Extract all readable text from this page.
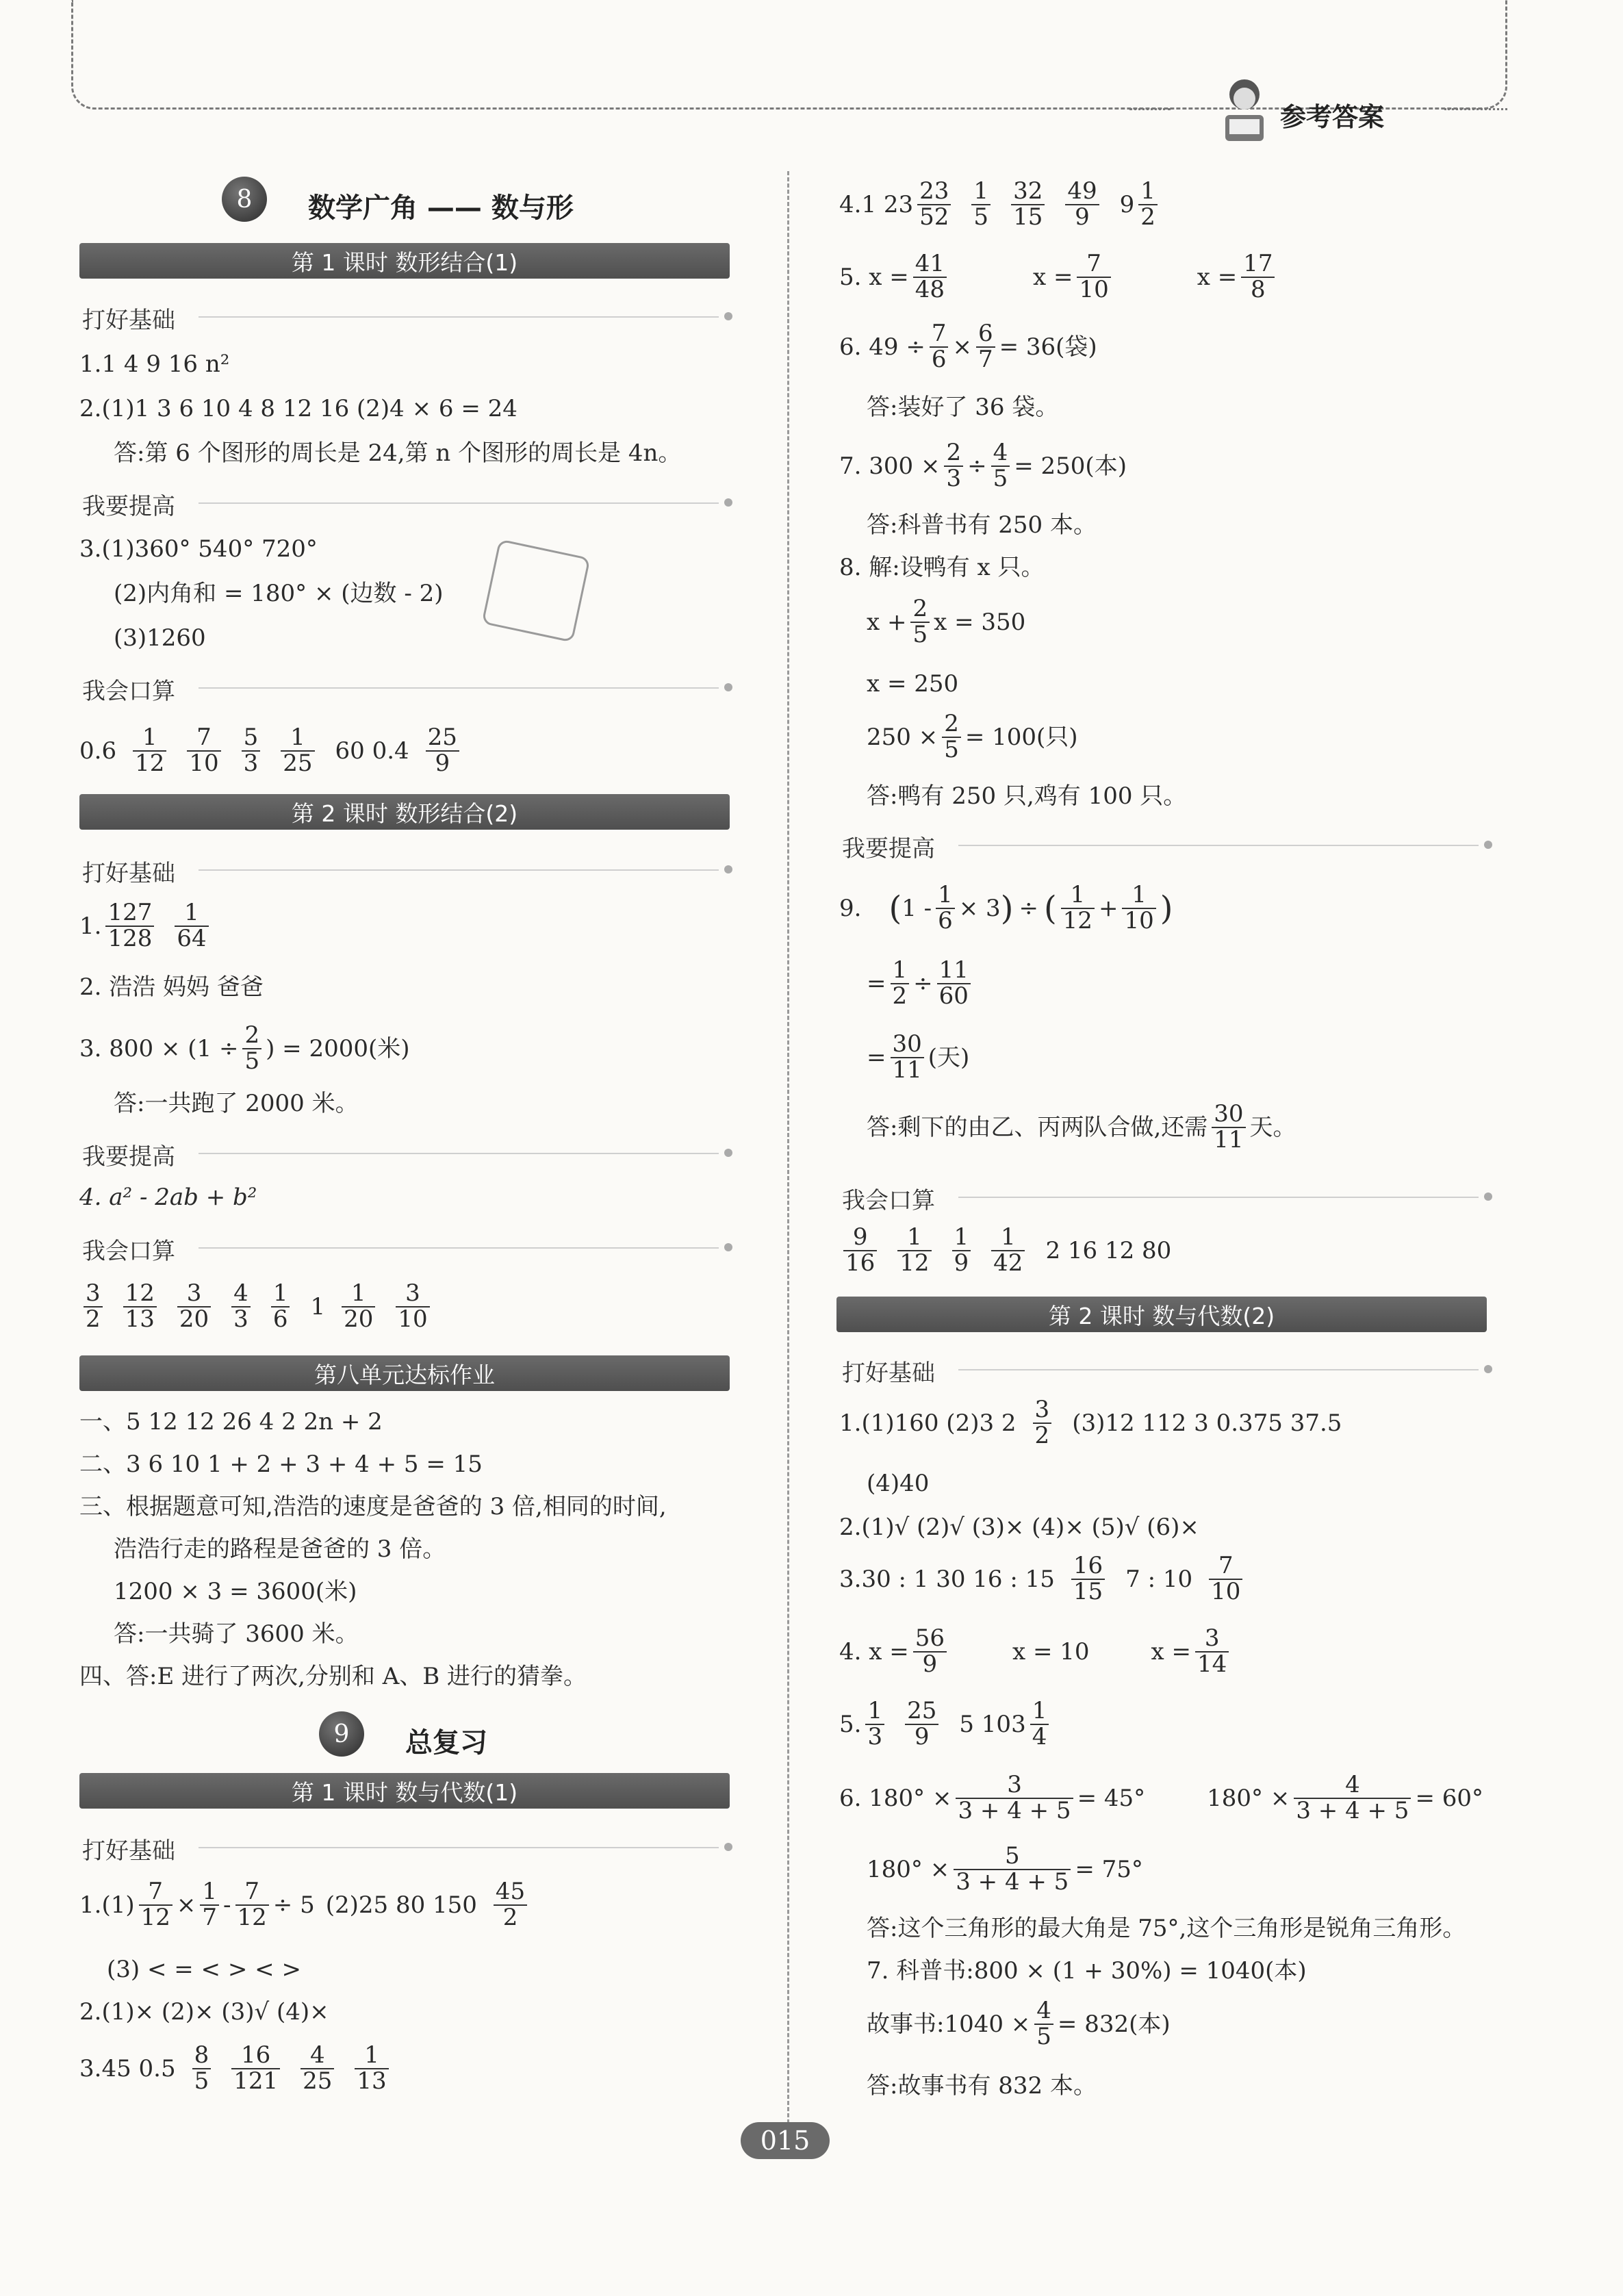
参考答案
8	数学广角 —— 数与形
第 1 课时 数形结合(1)
打好基础
1.1 4 9 16 n²
2.(1)1 3 6 10 4 8 12 16 (2)4 × 6 = 24
答:第 6 个图形的周长是 24,第 n 个图形的周长是 4n。
我要提高
3.(1)360° 540° 720°
(2)内角和 = 180° × (边数 - 2)
(3)1260
我会口算
$0.6 \frac{1}{12} \frac{7}{10} \frac{5}{3} \frac{1}{25} 60$ $0.4 \frac{25}{9}$
第 2 课时 数形结合(2)
打好基础
1. $\frac{127}{128} \frac{1}{64}$
2. 浩浩 妈妈 爸爸
3. $800 \times (1 \div \frac{2}{5}$ ) = 2000(米)
答:一共跑了 2000 米。
我要提高
4. a² - 2ab + b²
我会口算
$\frac{3}{2} \frac{12}{13} \frac{3}{20} \frac{4}{3} \frac{1}{6} 1 \frac{1}{20} \frac{3}{10}$
第八单元达标作业
一、5 12 12 26 4 2 2n + 2
二、3 6 10 1 + 2 + 3 + 4 + 5 = 15
三、根据题意可知,浩浩的速度是爸爸的 3 倍,相同的时间,
浩浩行走的路程是爸爸的 3 倍。
1200 × 3 = 3600(米)
答:一共骑了 3600 米。
四、答:E 进行了两次,分别和 A、B 进行的猜拳。
9	总复习
第 1 课时 数与代数(1)
打好基础
$1.(1) \frac{7}{12} \times \frac{1}{7} - \frac{7}{12} \div 5$ (2)25 80 $150 \frac{45}{2}$
(3) < = < > < >
2.(1)× (2)× (3)√ (4)×
3.45 $0.5 \frac{8}{5} \frac{16}{121} \frac{4}{25} \frac{1}{13}$
4.1 $23 \frac{23}{52} \frac{1}{5} \frac{32}{15} \frac{49}{9} 9 \frac{1}{2}$
5. $x = \frac{41}{48}$	$x = \frac{7}{10}$	$x = \frac{17}{8}$
6. $49 \div \frac{7}{6} \times \frac{6}{7} = 36$(袋)
答:装好了 36 袋。
7. $300 \times \frac{2}{3} \div \frac{4}{5} = 250$(本)
答:科普书有 250 本。
8. 解:设鸭有 x 只。
$x + \frac{2}{5}$ x = 350
x = 250
$250 \times \frac{2}{5} = 100$(只)
答:鸭有 250 只,鸡有 100 只。
我要提高
9. ( $1 - \frac{1}{6} \times 3$ ) ÷ ( $\frac{1}{12} + \frac{1}{10}$ )
= $\frac{1}{2} \div \frac{11}{60}$
= $\frac{30}{11}$ (天)
答:剩下的由乙、丙两队合做,还需 $\frac{30}{11}$ 天。
我会口算
$\frac{9}{16} \frac{1}{12} \frac{1}{9} \frac{1}{42} 2$ 16 12 80
第 2 课时 数与代数(2)
打好基础
1.(1)160 (2)3 $2 \frac{3}{2} (3)12$ 112 3 0.375 37.5
(4)40
2.(1)√ (2)√ (3)× (4)× (5)√ (6)×
3.30 : 1 30 16 : $15 \frac{16}{15} 7$ : $10 \frac{7}{10}$
4. $x = \frac{56}{9}$	x = 10	$x = \frac{3}{14}$
5. $\frac{1}{3} \frac{25}{9} 5$ $103 \frac{1}{4}$
6. $180^\circ \times \frac{3}{3 + 4 + 5} = 45^\circ$	$180^\circ \times \frac{4}{3 + 4 + 5} = 60^\circ$
$180^\circ \times \frac{5}{3 + 4 + 5} = 75^\circ$
答:这个三角形的最大角是 75°,这个三角形是锐角三角形。
7. 科普书:800 × (1 + 30%) = 1040(本)
故事书:1040 × $\frac{4}{5} = 832$(本)
答:故事书有 832 本。
015
